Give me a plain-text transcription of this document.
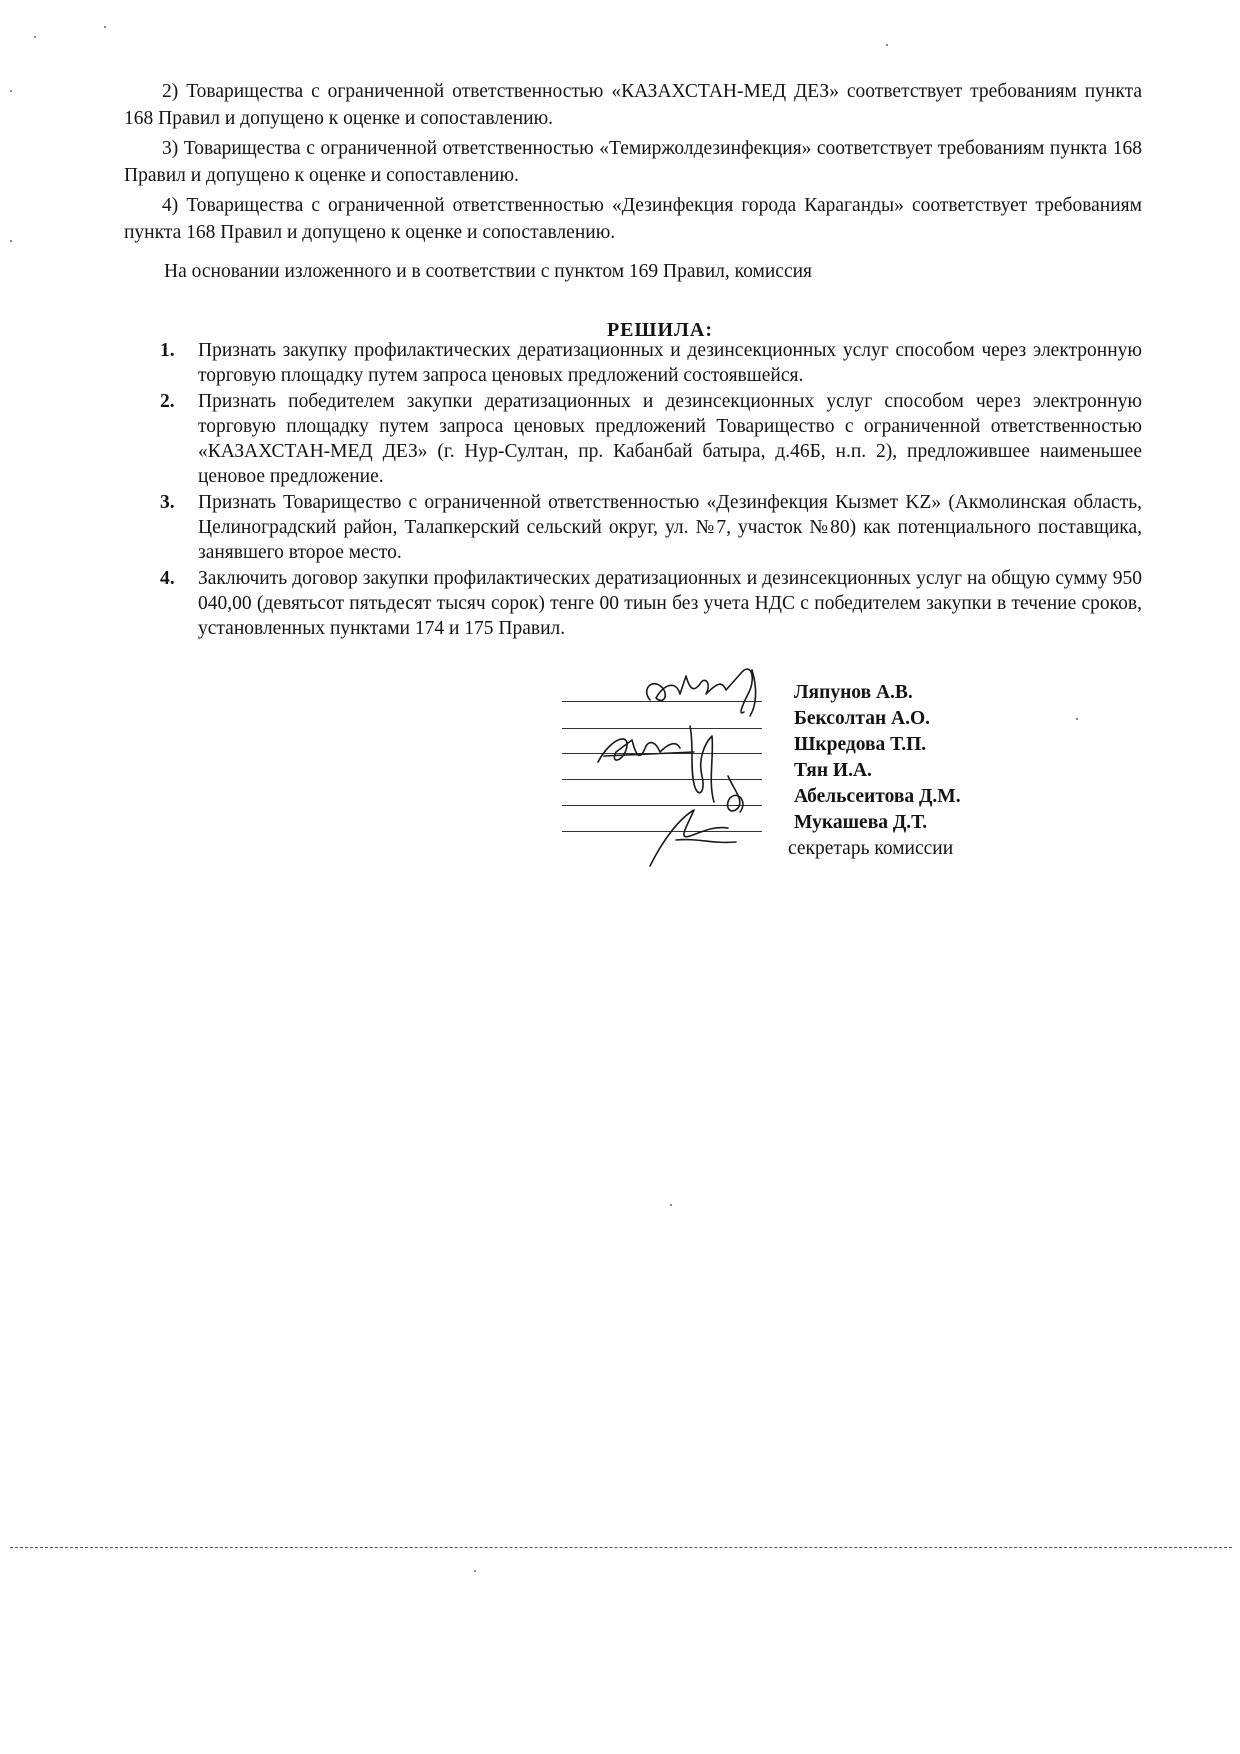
2) Товарищества с ограниченной ответственностью «КАЗАХСТАН-МЕД ДЕЗ» соответствует требованиям пункта 168 Правил и допущено к оценке и сопоставлению.

3) Товарищества с ограниченной ответственностью «Темиржолдезинфекция» соответствует требованиям пункта 168 Правил и допущено к оценке и сопоставлению.

4) Товарищества с ограниченной ответственностью «Дезинфекция города Караганды» соответствует требованиям пункта 168 Правил и допущено к оценке и сопоставлению.

На основании изложенного и в соответствии с пунктом 169 Правил, комиссия
РЕШИЛА:
1. Признать закупку профилактических дератизационных и дезинсекционных услуг способом через электронную торговую площадку путем запроса ценовых предложений состоявшейся.
2. Признать победителем закупки дератизационных и дезинсекционных услуг способом через электронную торговую площадку путем запроса ценовых предложений Товарищество с ограниченной ответственностью «КАЗАХСТАН-МЕД ДЕЗ» (г. Нур-Султан, пр. Кабанбай батыра, д.46Б, н.п. 2), предложившее наименьшее ценовое предложение.
3. Признать Товарищество с ограниченной ответственностью «Дезинфекция Кызмет KZ» (Акмолинская область, Целиноградский район, Талапкерский сельский округ, ул. №7, участок №80) как потенциального поставщика, занявшего второе место.
4. Заключить договор закупки профилактических дератизационных и дезинсекционных услуг на общую сумму 950 040,00 (девятьсот пятьдесят тысяч сорок) тенге 00 тиын без учета НДС с победителем закупки в течение сроков, установленных пунктами 174 и 175 Правил.
Ляпунов А.В.
Бексолтан А.О.
Шкредова Т.П.
Тян И.А.
Абельсеитова Д.М.
Мукашева Д.Т.
секретарь комиссии
